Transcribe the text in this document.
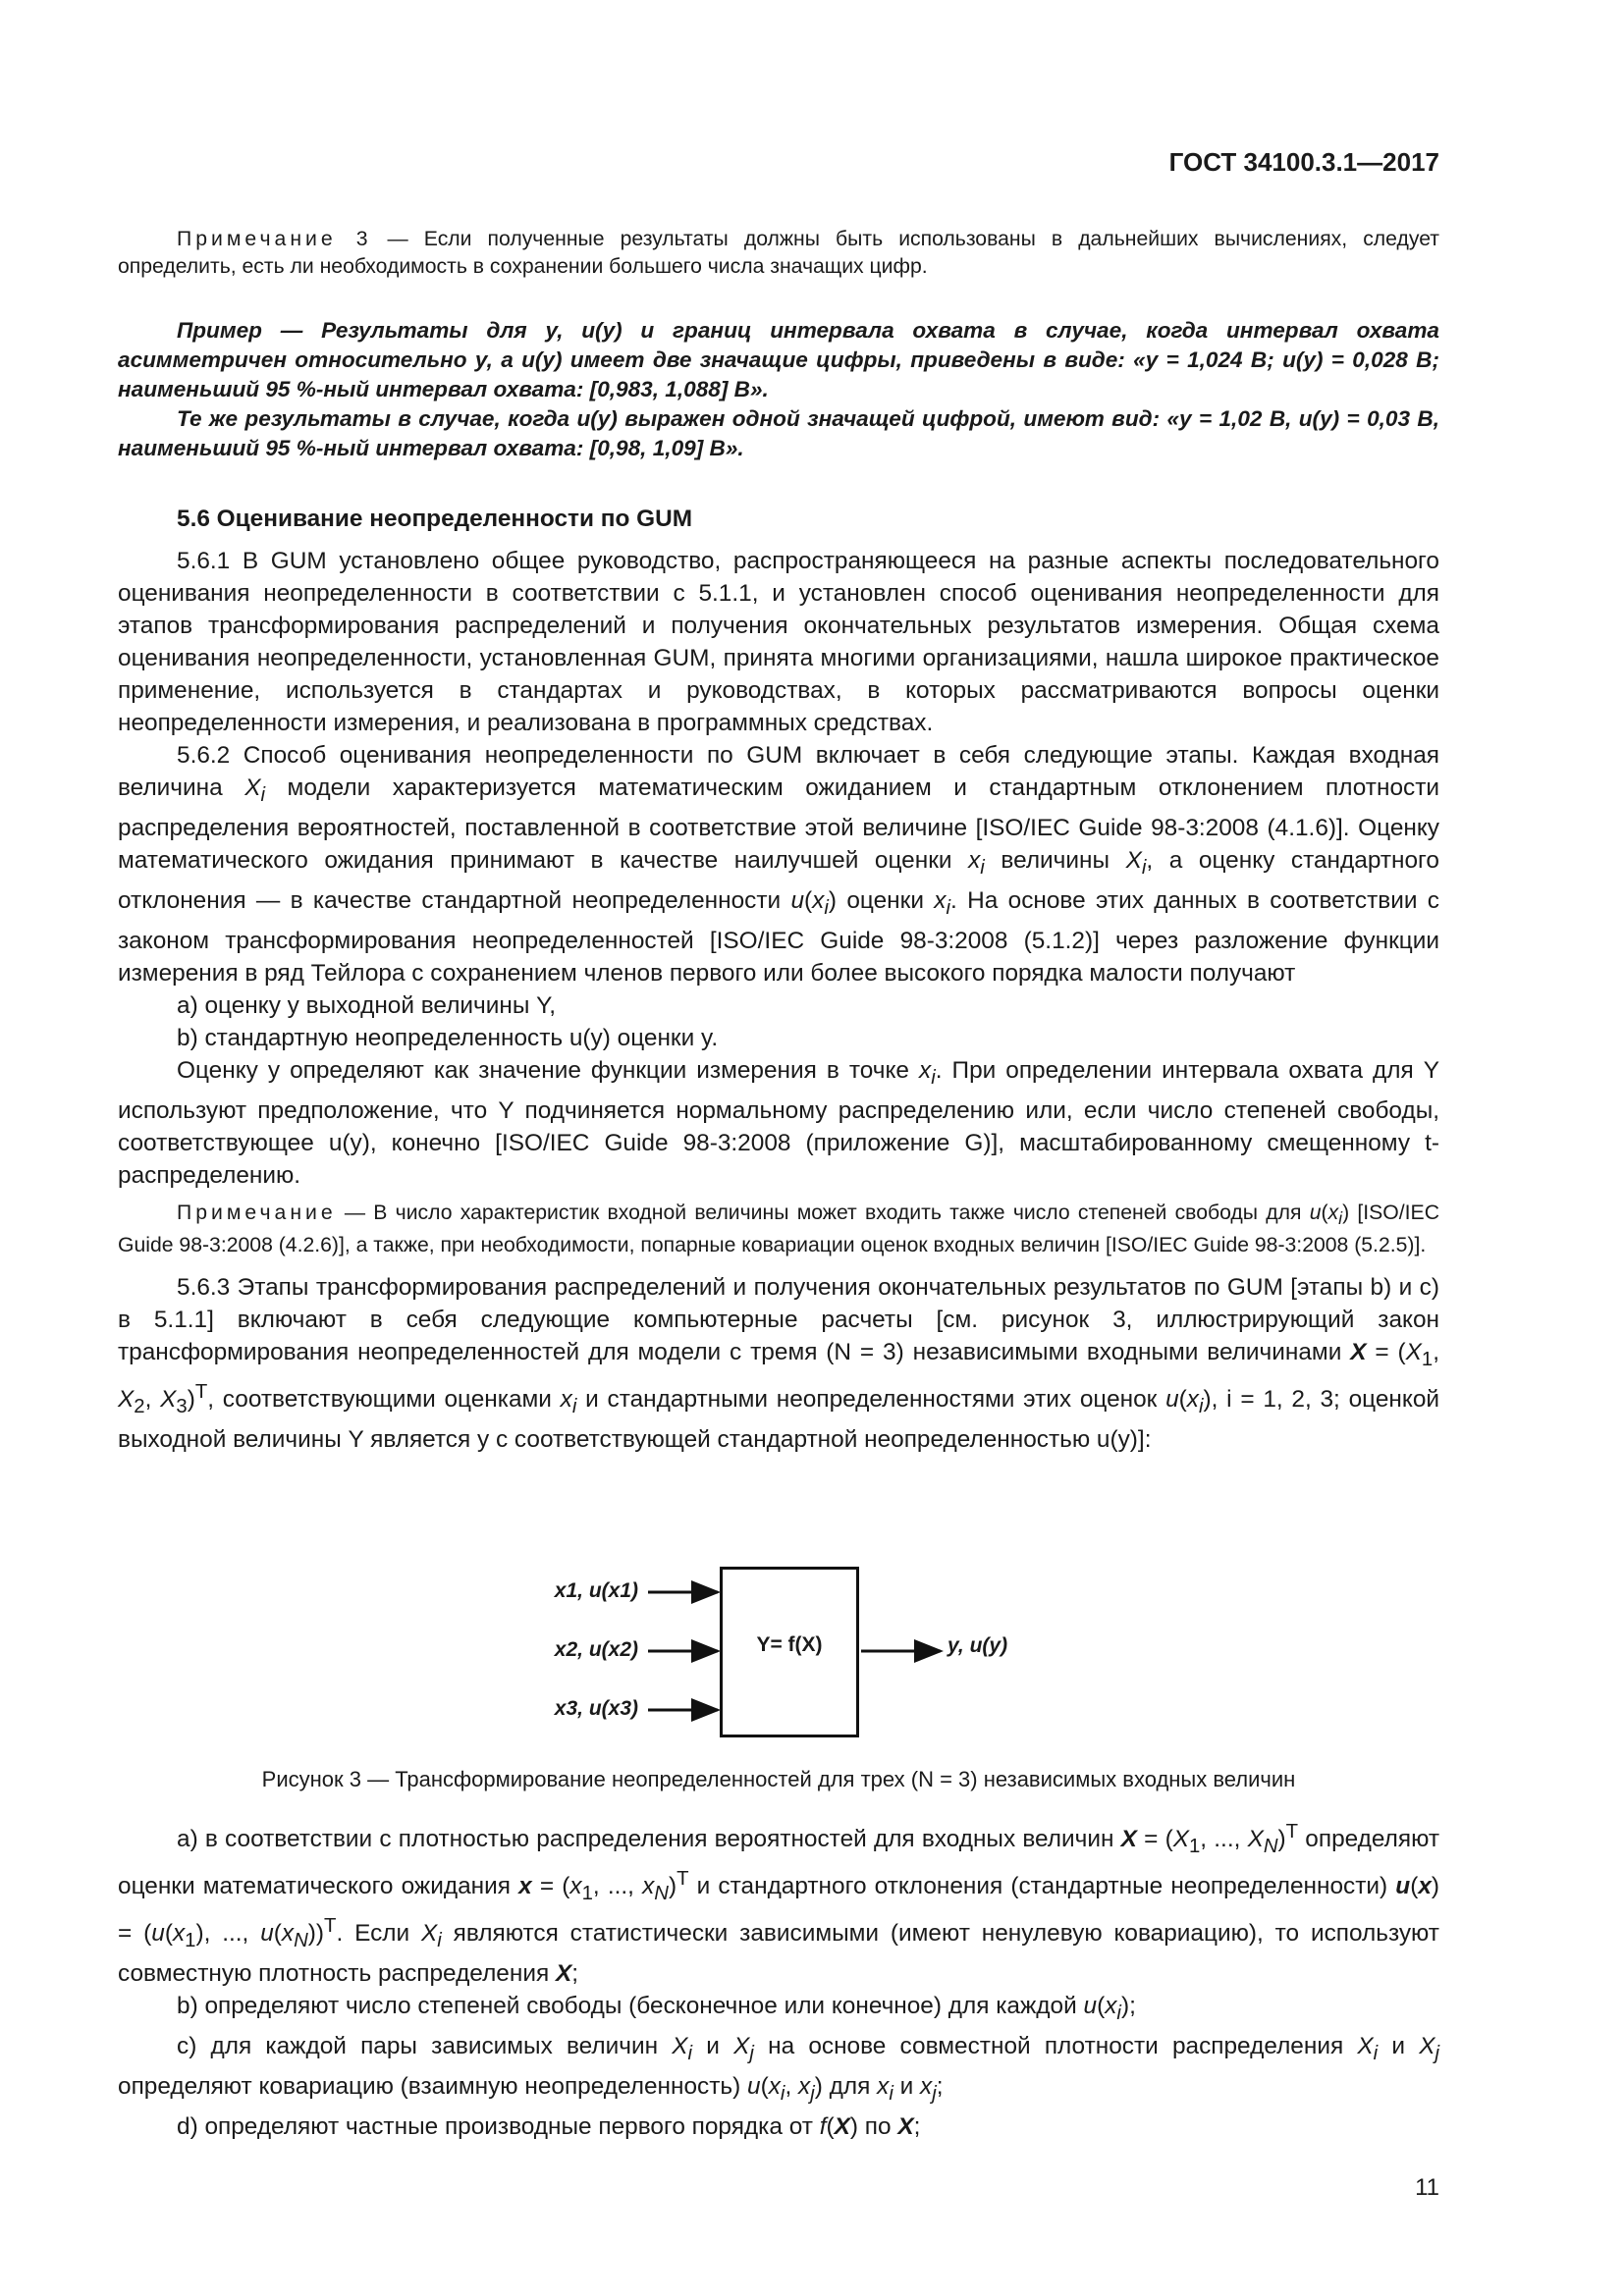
ГОСТ 34100.3.1—2017

Примечание 3 — Если полученные результаты должны быть использованы в дальнейших вычислениях, следует определить, есть ли необходимость в сохранении большего числа значащих цифр.

Пример — Результаты для y, u(y) и границ интервала охвата в случае, когда интервал охвата асимметричен относительно y, а u(y) имеет две значащие цифры, приведены в виде: «y = 1,024 В; u(y) = 0,028 В; наименьший 95 %-ный интервал охвата: [0,983, 1,088] В».

Те же результаты в случае, когда u(y) выражен одной значащей цифрой, имеют вид: «y = 1,02 В, u(y) = 0,03 В, наименьший 95 %-ный интервал охвата: [0,98, 1,09] В».

5.6 Оценивание неопределенности по GUM

5.6.1 В GUM установлено общее руководство, распространяющееся на разные аспекты последовательного оценивания неопределенности в соответствии с 5.1.1, и установлен способ оценивания неопределенности для этапов трансформирования распределений и получения окончательных результатов измерения. Общая схема оценивания неопределенности, установленная GUM, принята многими организациями, нашла широкое практическое применение, используется в стандартах и руководствах, в которых рассматриваются вопросы оценки неопределенности измерения, и реализована в программных средствах.

5.6.2 Способ оценивания неопределенности по GUM включает в себя следующие этапы. Каждая входная величина $X_i$ модели характеризуется математическим ожиданием и стандартным отклонением плотности распределения вероятностей, поставленной в соответствие этой величине [ISO/IEC Guide 98-3:2008 (4.1.6)]. Оценку математического ожидания принимают в качестве наилучшей оценки $x_i$ величины $X_i$, а оценку стандартного отклонения — в качестве стандартной неопределенности $u(x_i)$ оценки $x_i$. На основе этих данных в соответствии с законом трансформирования неопределенностей [ISO/IEC Guide 98-3:2008 (5.1.2)] через разложение функции измерения в ряд Тейлора с сохранением членов первого или более высокого порядка малости получают

a) оценку y выходной величины Y,

b) стандартную неопределенность u(y) оценки y.

Оценку y определяют как значение функции измерения в точке $x_i$. При определении интервала охвата для Y используют предположение, что Y подчиняется нормальному распределению или, если число степеней свободы, соответствующее u(y), конечно [ISO/IEC Guide 98-3:2008 (приложение G)], масштабированному смещенному t-распределению.

Примечание — В число характеристик входной величины может входить также число степеней свободы для $u(x_i)$ [ISO/IEC Guide 98-3:2008 (4.2.6)], а также, при необходимости, попарные ковариации оценок входных величин [ISO/IEC Guide 98-3:2008 (5.2.5)].

5.6.3 Этапы трансформирования распределений и получения окончательных результатов по GUM [этапы b) и c) в 5.1.1] включают в себя следующие компьютерные расчеты [см. рисунок 3, иллюстрирующий закон трансформирования неопределенностей для модели с тремя (N = 3) независимыми входными величинами $X = (X_1$, $X_2$, $X_3)^T$, соответствующими оценками $x_i$ и стандартными неопределенностями этих оценок $u(x_i)$, i = 1, 2, 3; оценкой выходной величины Y является y с соответствующей стандартной неопределенностью u(y)]:

Y= f(X)
x1, u(x1)
x2, u(x2)
x3, u(x3)
y, u(y)

Рисунок 3 — Трансформирование неопределенностей для трех (N = 3) независимых входных величин

a) в соответствии с плотностью распределения вероятностей для входных величин $X = (X_1$, ..., $X_N)^T$ определяют оценки математического ожидания $x = (x_1$, ..., $x_N)^T$ и стандартного отклонения (стандартные неопределенности) $u(x) = (u(x_1)$, ..., $u(x_N))^T$. Если $X_i$ являются статистически зависимыми (имеют ненулевую ковариацию), то используют совместную плотность распределения X;

b) определяют число степеней свободы (бесконечное или конечное) для каждой $u(x_i)$;

c) для каждой пары зависимых величин $X_i$ и $X_j$ на основе совместной плотности распределения $X_i$ и $X_j$ определяют ковариацию (взаимную неопределенность) $u(x_i$, $x_j$) для $x_i$ и $x_j$;

d) определяют частные производные первого порядка от f(X) по X;

11
